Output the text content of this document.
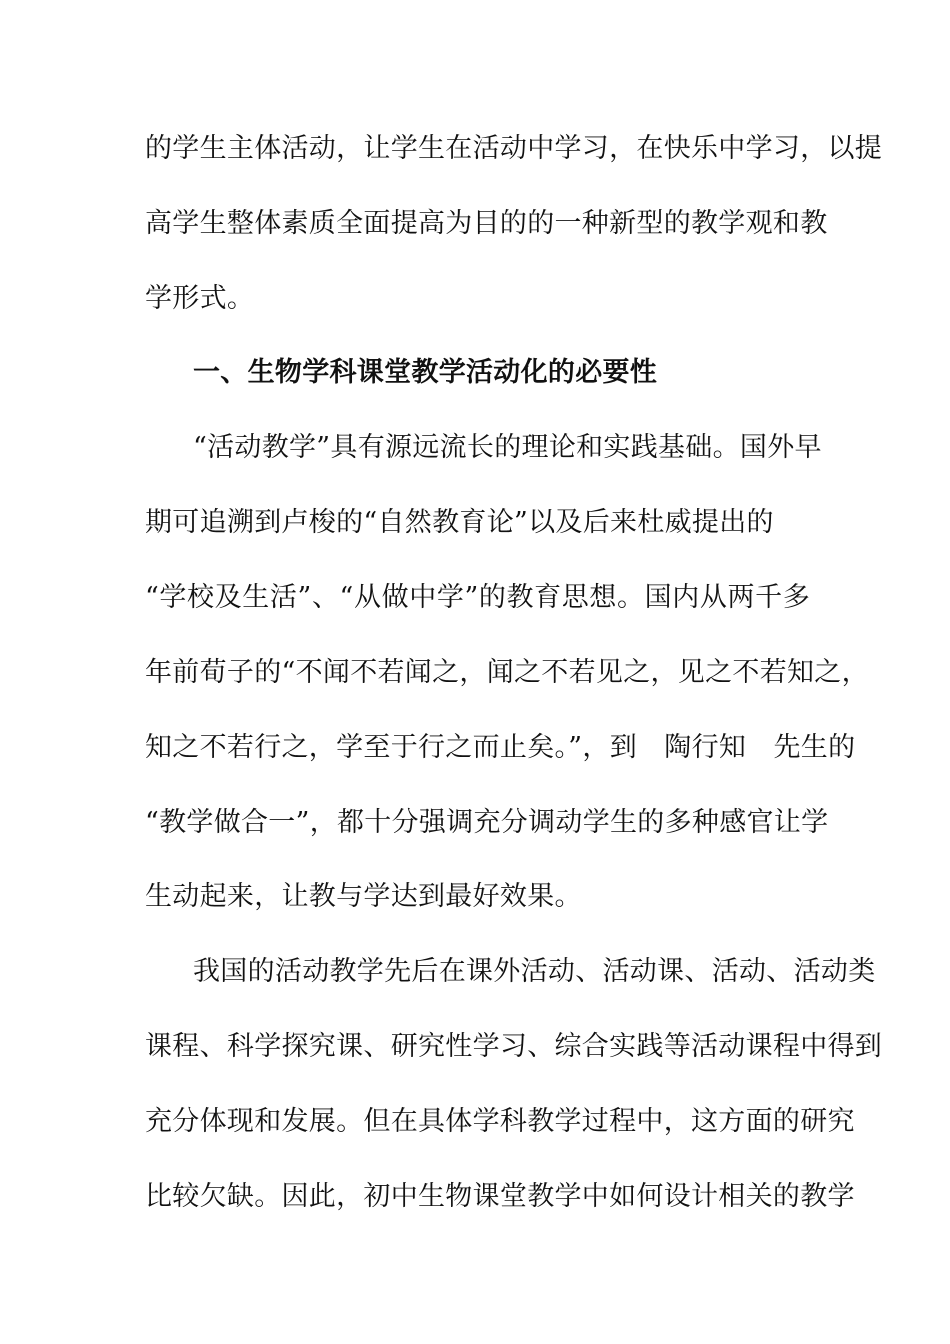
的学生主体活动，让学生在活动中学习，在快乐中学习，以提
高学生整体素质全面提高为目的的一种新型的教学观和教
学形式。
一、生物学科课堂教学活动化的必要性
“活动教学”具有源远流长的理论和实践基础。国外早
期可追溯到卢梭的“自然教育论”以及后来杜威提出的
“学校及生活”、“从做中学”的教育思想。国内从两千多
年前荀子的“不闻不若闻之，闻之不若见之，见之不若知之，
知之不若行之，学至于行之而止矣。”，到　陶行知　先生的
“教学做合一”，都十分强调充分调动学生的多种感官让学
生动起来，让教与学达到最好效果。
我国的活动教学先后在课外活动、活动课、活动、活动类
课程、科学探究课、研究性学习、综合实践等活动课程中得到
充分体现和发展。但在具体学科教学过程中，这方面的研究
比较欠缺。因此，初中生物课堂教学中如何设计相关的教学
